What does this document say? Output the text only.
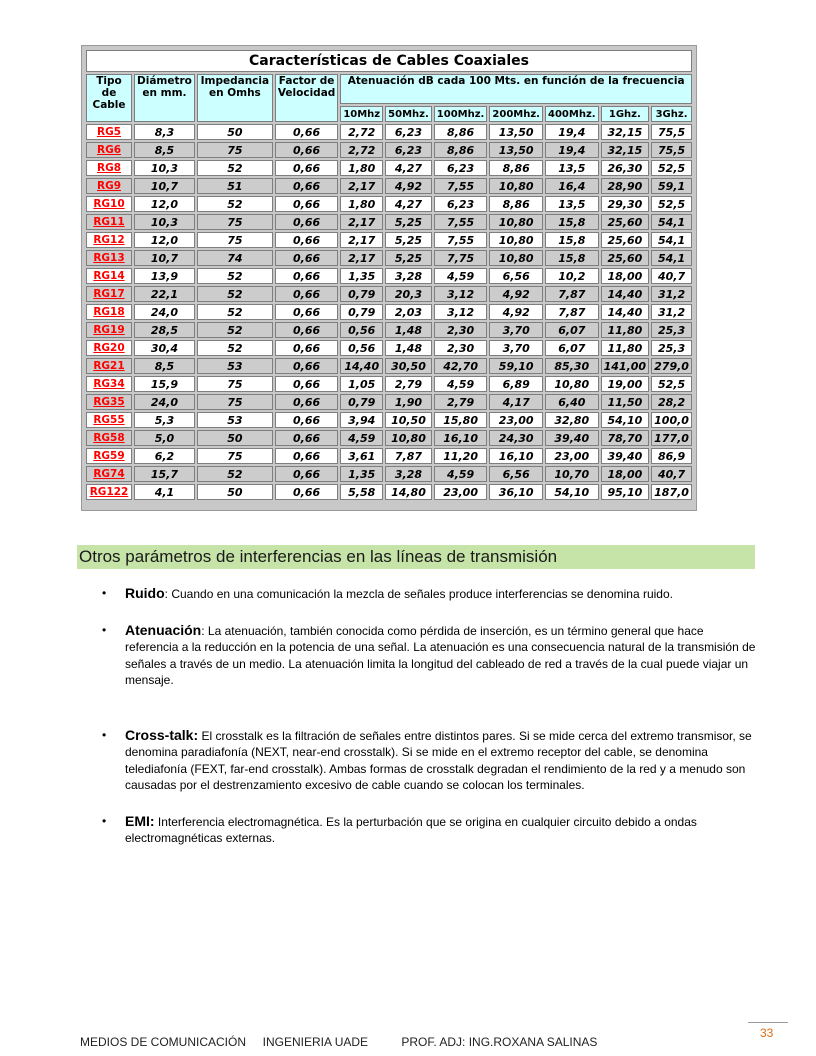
Características de Cables Coaxiales										
Tipo de Cable	Diámetro en mm.	Impedancia en Omhs	Factor de Velocidad	Atenuación dB cada 100 Mts. en función de la frecuencia						
				10Mhz	50Mhz.	100Mhz.	200Mhz.	400Mhz.	1Ghz.	3Ghz.
RG5	8,3	50	0,66	2,72	6,23	8,86	13,50	19,4	32,15	75,5
RG6	8,5	75	0,66	2,72	6,23	8,86	13,50	19,4	32,15	75,5
RG8	10,3	52	0,66	1,80	4,27	6,23	8,86	13,5	26,30	52,5
RG9	10,7	51	0,66	2,17	4,92	7,55	10,80	16,4	28,90	59,1
RG10	12,0	52	0,66	1,80	4,27	6,23	8,86	13,5	29,30	52,5
RG11	10,3	75	0,66	2,17	5,25	7,55	10,80	15,8	25,60	54,1
RG12	12,0	75	0,66	2,17	5,25	7,55	10,80	15,8	25,60	54,1
RG13	10,7	74	0,66	2,17	5,25	7,75	10,80	15,8	25,60	54,1
RG14	13,9	52	0,66	1,35	3,28	4,59	6,56	10,2	18,00	40,7
RG17	22,1	52	0,66	0,79	20,3	3,12	4,92	7,87	14,40	31,2
RG18	24,0	52	0,66	0,79	2,03	3,12	4,92	7,87	14,40	31,2
RG19	28,5	52	0,66	0,56	1,48	2,30	3,70	6,07	11,80	25,3
RG20	30,4	52	0,66	0,56	1,48	2,30	3,70	6,07	11,80	25,3
RG21	8,5	53	0,66	14,40	30,50	42,70	59,10	85,30	141,00	279,0
RG34	15,9	75	0,66	1,05	2,79	4,59	6,89	10,80	19,00	52,5
RG35	24,0	75	0,66	0,79	1,90	2,79	4,17	6,40	11,50	28,2
RG55	5,3	53	0,66	3,94	10,50	15,80	23,00	32,80	54,10	100,0
RG58	5,0	50	0,66	4,59	10,80	16,10	24,30	39,40	78,70	177,0
RG59	6,2	75	0,66	3,61	7,87	11,20	16,10	23,00	39,40	86,9
RG74	15,7	52	0,66	1,35	3,28	4,59	6,56	10,70	18,00	40,7
RG122	4,1	50	0,66	5,58	14,80	23,00	36,10	54,10	95,10	187,0
Otros parámetros de interferencias en las líneas de transmisión
• Ruido: Cuando en una comunicación la mezcla de señales produce interferencias se denomina ruido.
• Atenuación: La atenuación, también conocida como pérdida de inserción, es un término general que hace referencia a la reducción en la potencia de una señal. La atenuación es una consecuencia natural de la transmisión de señales a través de un medio. La atenuación limita la longitud del cableado de red a través de la cual puede viajar un mensaje.
• Cross-talk: El crosstalk es la filtración de señales entre distintos pares. Si se mide cerca del extremo transmisor, se denomina paradiafonía (NEXT, near-end crosstalk). Si se mide en el extremo receptor del cable, se denomina telediafonía (FEXT, far-end crosstalk). Ambas formas de crosstalk degradan el rendimiento de la red y a menudo son causadas por el destrenzamiento excesivo de cable cuando se colocan los terminales.
• EMI: Interferencia electromagnética. Es la perturbación que se origina en cualquier circuito debido a ondas electromagnéticas externas.
33
MEDIOS DE COMUNICACIÓN     INGENIERIA UADE          PROF. ADJ: ING.ROXANA SALINAS
